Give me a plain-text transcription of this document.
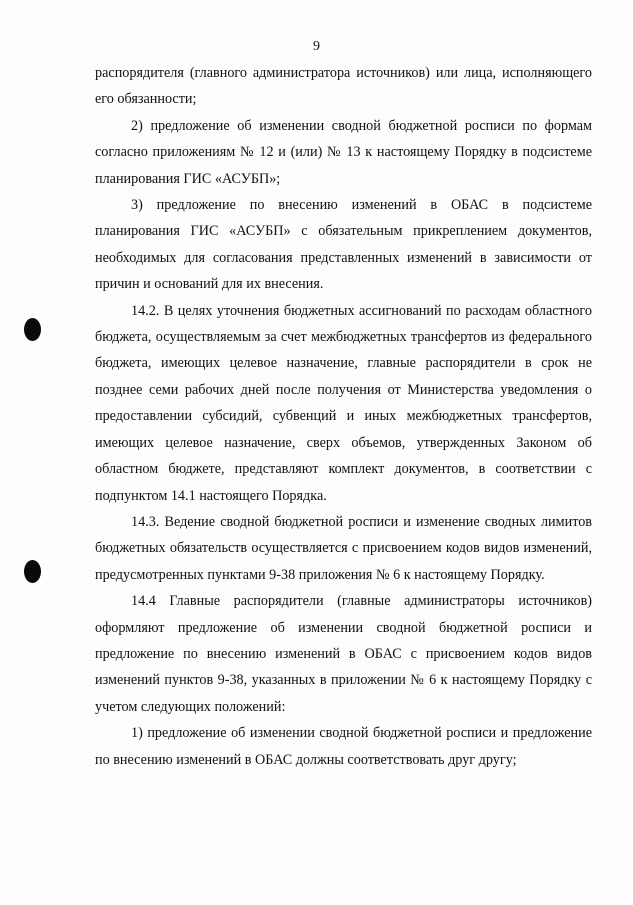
9

распорядителя (главного администратора источников) или лица, исполняющего его обязанности;

2) предложение об изменении сводной бюджетной росписи по формам согласно приложениям № 12 и (или) № 13 к настоящему Порядку в подсистеме планирования ГИС «АСУБП»;

3) предложение по внесению изменений в ОБАС в подсистеме планирования ГИС «АСУБП» с обязательным прикреплением документов, необходимых для согласования представленных изменений в зависимости от причин и оснований для их внесения.

14.2. В целях уточнения бюджетных ассигнований по расходам областного бюджета, осуществляемым за счет межбюджетных трансфертов из федерального бюджета, имеющих целевое назначение, главные распорядители в срок не позднее семи рабочих дней после получения от Министерства уведомления о предоставлении субсидий, субвенций и иных межбюджетных трансфертов, имеющих целевое назначение, сверх объемов, утвержденных Законом об областном бюджете, представляют комплект документов, в соответствии с подпунктом 14.1 настоящего Порядка.

14.3. Ведение сводной бюджетной росписи и изменение сводных лимитов бюджетных обязательств осуществляется с присвоением кодов видов изменений, предусмотренных пунктами 9-38 приложения № 6 к настоящему Порядку.

14.4 Главные распорядители (главные администраторы источников) оформляют предложение об изменении сводной бюджетной росписи и предложение по внесению изменений в ОБАС с присвоением кодов видов изменений пунктов 9-38, указанных в приложении № 6 к настоящему Порядку с учетом следующих положений:

1) предложение об изменении сводной бюджетной росписи и предложение по внесению изменений в ОБАС должны соответствовать друг другу;
